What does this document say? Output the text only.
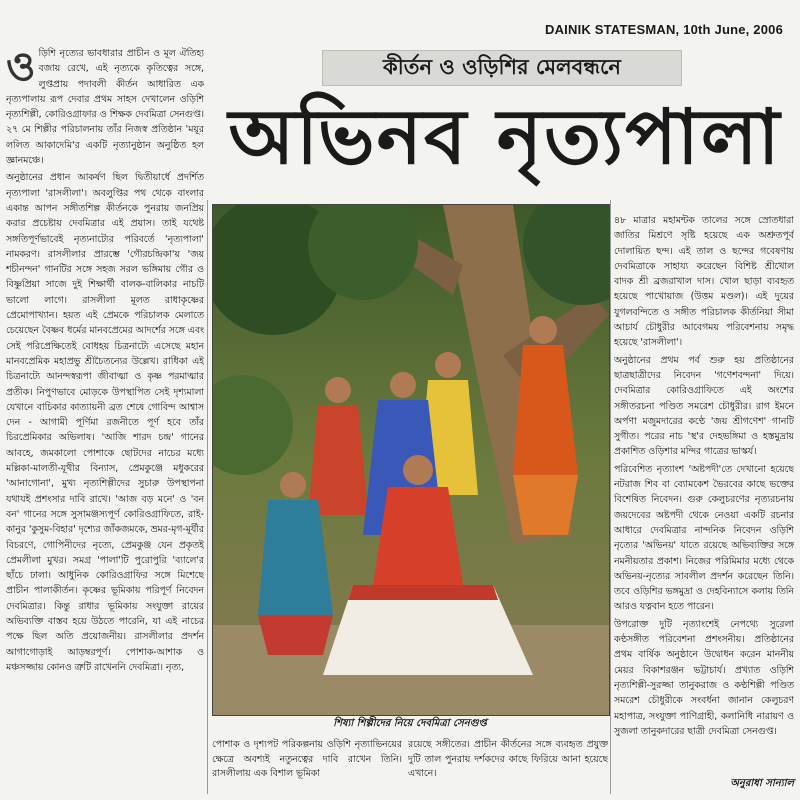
DAINIK STATESMAN, 10th June, 2006
কীর্তন ও ওড়িশির মেলবন্ধনে
অভিনব নৃত্যপালা
ও ড়িশি নৃত্যের ভাবধারার প্রাচীন ও মূল ঐতিহ্য বজায় রেখে, এই নৃত্যকে কৃতিত্বের সঙ্গে, লুপ্তপ্রায় পদাবলী কীর্তন আধারিত এক নৃত্যপালায় রূপ দেবার প্রথম সাহস দেখালেন ওড়িশি নৃত্যশিল্পী, কোরিওগ্রাফার ও শিক্ষক দেবমিত্রা সেনগুপ্ত। ২৭ মে শিল্পীর পরিচালনায় তাঁর নিজস্ব প্রতিষ্ঠান 'ময়ূর ললিত আকাদেমি'র একটি নৃত্যানুষ্ঠান অনুষ্ঠিত হল জ্ঞানমঞ্চে।

অনুষ্ঠানের প্রধান আকর্ষণ ছিল দ্বিতীয়ার্ধে প্রদর্শিত নৃত্যপালা 'রাসলীলা'। অবলুপ্তির পথ থেকে বাংলার একান্ত আপন সঙ্গীতশিল্প কীর্তনকে পুনরায় জনপ্রিয় করার প্রচেষ্টায় দেবমিত্রার এই প্রয়াস। তাই যথেষ্ট সঙ্গতিপূর্ণভাবেই নৃত্যনাট্যের পরিবর্তে 'নৃত্যপালা' নামকরণ। রাসলীলার প্রারম্ভে 'গৌরচন্দ্রিকা'য় 'জয় শচীনন্দন' গানটির সঙ্গে সহজ সরল ভঙ্গিমায় গৌর ও বিষ্ণুপ্রিয়া সাজে দুই শিক্ষার্থী বালক-বালিকার নাচটি ভালো লাগে। রাসলীলা মূলত রাধাকৃষ্ণের প্রেমোপাখ্যান। হয়ত এই প্রেমকে পরিচালক মেলাতে চেয়েছেন বৈষ্ণব ধর্মের মানবপ্রেমের আদর্শের সঙ্গে এবং সেই পরিপ্রেক্ষিতেই বোধহয় চিত্রনাট্যে এসেছে মহান মানবপ্রেমিক মহাপ্রভু শ্রীচৈতন্যের উল্লেখ। রাধিকা এই চিত্রনাট্যে আনন্দস্বরূপা জীবাত্মা ও কৃষ্ণ পরমাত্মার প্রতীক। নিপুণভাবে মোড়কে উপস্থাপিত সেই দৃশ্যমালা যেখানে বাচিকার কাত্যায়নী ব্রত শেষে গোবিন্দ আশ্বাস দেন - আগামী পূর্ণিমা রজনীতে পূর্ণ হবে তাঁর চিরপ্রেমিকার অভিলাষ। 'আজি শারদ চন্দ্র' গানের আবহে, জমকালো পোশাকে ছোটদের নাচের মধ্যে মল্লিকা-মালতী-যূথীর বিন্যাস, প্রেমকুঞ্জে মধুকরের 'আনাগোনা', মুখ্য নৃত্যশিল্পীদের সুচারু উপস্থাপনা যথাযই প্রশংসার দাবি রাখে। 'আজ বড় মনে' ও 'বন বন' গানের সঙ্গে সুসামঞ্জস্যপূর্ণ কোরিওগ্রাফিতে, রাই-কানুর 'কুসুম-বিহার' দৃশ্যের জাঁকজমকে, ভ্রমর-মৃগ-মূর্যীর বিচরণে, গোপিনীদের নৃত্যে, প্রেমকুঞ্জ যেন প্রকৃতই প্রেমলীলা মুখর। সমগ্র 'পালা'টি পুরোপুরি 'ব্যালে'র ছাঁচে ঢালা। আধুনিক কোরিওগ্রাফির সঙ্গে মিশেছে প্রাচীন পালাকীর্তন। কৃষ্ণের ভূমিকায় পরিপূর্ণ নিবেদন দেবমিত্রার। কিন্তু রাধার ভূমিকায় সংযুক্তা রায়ের অভিব্যক্তি বাস্তব হয়ে উঠতে পারেনি, যা এই নাচের পক্ষে ছিল অতি প্রয়োজনীয়। রাসলীলার প্রদর্শন আগাগোড়াই আড়ম্বরপূর্ণ। পোশাক-আশাক ও মঞ্চসজ্জায় কোনও ত্রুটি রাখেননি দেবমিত্রা। নৃত্য,

শিষ্যা শিল্পীদের নিয়ে দেবমিত্রা সেনগুপ্ত

৪৮ মাত্রার মহামন্টক তালের সঙ্গে স্রোতধারা জাতির মিশ্রণে সৃষ্টি হয়েছে এক অশ্রুতপূর্ব দোলায়িত ছন্দ। এই তাল ও ছন্দের গবেষণায় দেবমিত্রাকে সাহায্য করেছেন বিশিষ্ট শ্রীখোল বাদক শ্রী ব্রজরাখাল দাস। খোল ছাড়া ব্যবহৃত হয়েছে পাখোয়াজ (উত্তম মণ্ডল)। এই দুয়ের যুগলবন্দিতে ও সঙ্গীত পরিচালক কীর্তনিয়া সীমা আচার্য চৌধুরীর আবেগময় পরিবেশনায় সমৃদ্ধ হয়েছে 'রাসলীলা'।

অনুষ্ঠানের প্রথম পর্ব শুরু হয় প্রতিষ্ঠানের ছাত্রছাত্রীদের নিবেদন 'গণেশবন্দনা' দিয়ে। দেবমিত্রার কোরিওগ্রাফিতে এই অংশের সঙ্গীতরচনা পণ্ডিত সমরেশ চৌধুরীর। রাগ ইমনে অর্পণা মজুমদারের কণ্ঠে 'জয় শ্রীগণেশ' গানটি সুগীত। পরের নাচ 'স্থ'র দেহভঙ্গিমা ও হস্তমুদ্রায় প্রকাশিত ওড়িশার মন্দির গাত্রের ভাস্কর্য।

পরিবেশিত নৃত্যাংশ 'অষ্টপদী'তে দেখানো হয়েছে নটরাজ শিব বা ব্যোমকেশ ভৈরবের কাছে ভক্তের বিশেষিত নিবেদন। গুরু কেলুচরণের নৃত্যরচনায় জয়দেবের অষ্টপদী থেকে নেওয়া একটি রচনার আধারে দেবমিত্রার নান্দনিক নিবেদন ওড়িশি নৃত্যের 'অভিনয়' যাতে রয়েছে অভিব্যক্তির সঙ্গে নমনীয়তার প্রকাশ। নিজের পরিমিমার মধ্যে থেকে অভিনয়-নৃত্যের সাবলীল প্রদর্শন করেছেন তিনি। তবে ওড়িশির ভঙ্গমুদ্রা ও দেহবিন্যাসে কলায় তিনি আরও যত্নবান হতে পারেন।

উপরোক্ত দুটি নৃত্যাংশেই নেপথ্যে সুরেলা কণ্ঠসঙ্গীত পরিবেশনা প্রশংসনীয়। প্রতিষ্ঠানের প্রথম বার্ষিক অনুষ্ঠানে উদ্বোধন করেন মাননীয় মেয়র বিকাশরঞ্জন ভট্টাচার্য। প্রখ্যাত ওড়িশি নৃত্যশিল্পী-সুরজ্জা তানুকরাজ ও কণ্ঠশিল্পী পণ্ডিত সমরেশ চৌধুরীকে সংবর্ধনা জানান কেলুচরণ মহাপাত্র, সংযুক্তা পাণিগ্রাহী, কলানিধি নারায়ণ ও সুজলা তানুকদারের ছাত্রী দেবমিত্রা সেনগুপ্ত।

পোশাক ও দৃশ্যপট পরিকল্পনায় ওড়িশি নৃত্যাভিনয়ের ক্ষেত্রে অবশ্যই নতুনত্বের দাবি রাখেন তিনি। রাসলীলায় এক বিশাল ভূমিকা
রয়েছে সঙ্গীতের। প্রাচীন কীর্তনের সঙ্গে ব্যবহৃত প্রযুক্ত দুটি তাল পুনরায় দর্শকদের কাছে ফিরিয়ে আনা হয়েছে এখানে।
অনুরাধা সান্যাল
